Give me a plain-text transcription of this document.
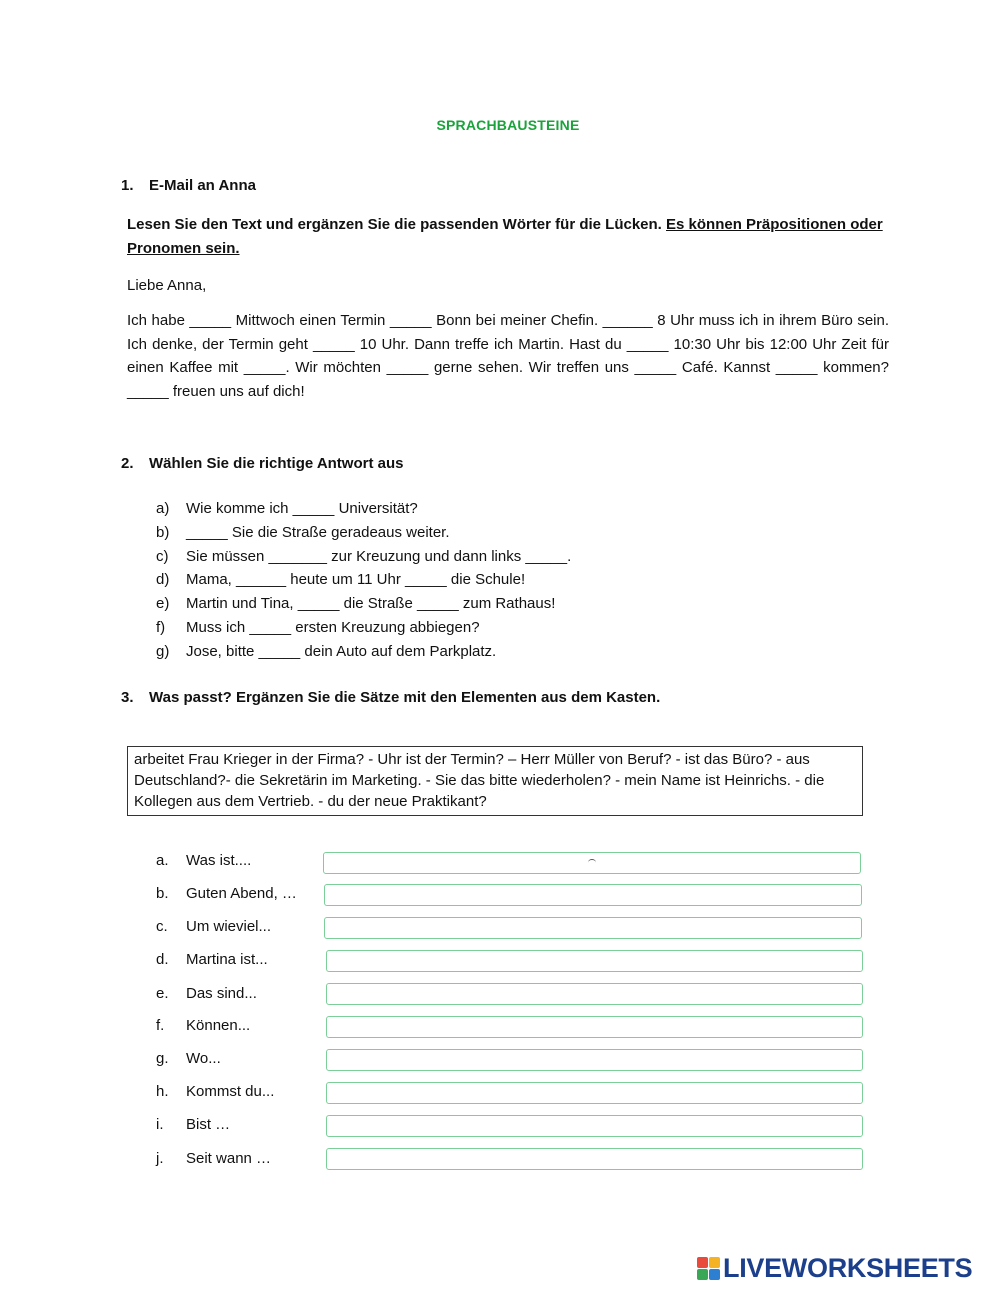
SPRACHBAUSTEINE
1. E-Mail an Anna
Lesen Sie den Text und ergänzen Sie die passenden Wörter für die Lücken. Es können Präpositionen oder Pronomen sein.
Liebe Anna,
Ich habe _____ Mittwoch einen Termin _____ Bonn bei meiner Chefin. ______ 8 Uhr muss ich in ihrem Büro sein. Ich denke, der Termin geht _____ 10 Uhr. Dann treffe ich Martin. Hast du _____ 10:30 Uhr bis 12:00 Uhr Zeit für einen Kaffee mit _____. Wir möchten _____ gerne sehen. Wir treffen uns _____ Café. Kannst _____ kommen? _____ freuen uns auf dich!
2. Wählen Sie die richtige Antwort aus
a) Wie komme ich _____ Universität?
b) _____ Sie die Straße geradeaus weiter.
c) Sie müssen _______ zur Kreuzung und dann links _____.
d) Mama, ______ heute um 11 Uhr _____ die Schule!
e) Martin und Tina, _____ die Straße _____ zum Rathaus!
f) Muss ich _____ ersten Kreuzung abbiegen?
g) Jose, bitte _____ dein Auto auf dem Parkplatz.
3. Was passt? Ergänzen Sie die Sätze mit den Elementen aus dem Kasten.
arbeitet Frau Krieger in der Firma? - Uhr ist der Termin? – Herr Müller von Beruf? - ist das Büro? - aus Deutschland?- die Sekretärin im Marketing. - Sie das bitte wiederholen? - mein Name ist Heinrichs. - die Kollegen aus dem Vertrieb. - du der neue Praktikant?
a. Was ist....
b. Guten Abend, …
c. Um wieviel...
d. Martina ist...
e. Das sind...
f. Können...
g. Wo...
h. Kommst du...
i. Bist …
j. Seit wann …
LIVEWORKSHEETS
